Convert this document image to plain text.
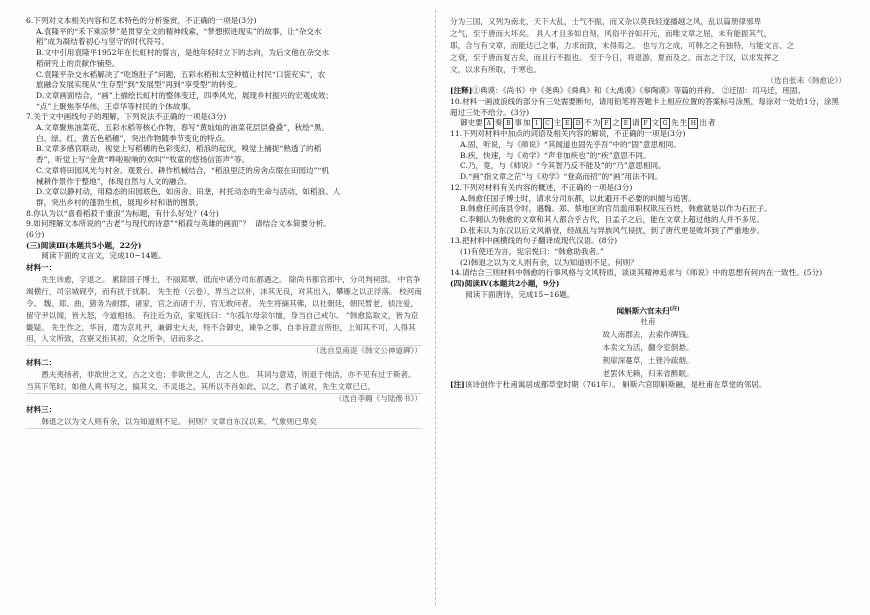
6.下列对文本相关内容和艺术特色的分析鉴赏，不正确的一项是(3分)

A.袁隆平的“禾下乘凉梦”是贯穿全文的精神线索，“梦想照进现实”的故事，让“杂交水
稻”成为凝结着初心与坚守的时代符号。

B.文中引用袁隆平1952年在长虹村的誓言，是他年轻时立下的志向，为后文他在杂交水
稻研究上的贡献作铺垫。

C.袁隆平杂交水稻解决了“吃饱肚子”问题，五彩水稻和太空种植让村民“口袋充实”，农
旅融合发展实现从“生存型”到“发展型”再到“享受型”的转变。

D.文章画面结合，“画”上描绘长虹村的整体变迁，四季风光，展现乡村振兴的宏观成效；
“点”上聚焦李华伟、王卓华等村民的个体故事。

7.关于文中画线句子的理解，下列说法不正确的一项是(3分)

A.文章聚焦油菜花、五彩水稻等核心作物，春写“黄灿灿的油菜花层层叠叠”，秋绘“黑、
白、绿、红、黄五色稻穗”，突出作物随季节变化的特点。

B.文章多感官联动，视觉上写稻穗的色彩变幻，稻浪的起伏，嗅觉上捕捉“熟透了的稻
香”，听觉上写“金黄“哗啦啦响的欢叫”“牧童的悠扬信笛声”等。

C.文章将田园风光与村舍、观景台、耕作机械结合，“稻浪里泛的房舍点缀在田园边”“机
械耕作景作于整地”，体现自然与人文的融合。

D.文章以静衬动，用稳态的田园底色，如房舍、田垄，衬托动态的生命与活动，如稻浪、人
群，突出乡村的蓬勃生机，展现乡村和谐的图景。

8.你认为以“喜看稻菽千重浪”为标题，有什么好处？(4分)

9.如何理解文本所说的“古老”与现代的诗意”“稻菽与英雄的画面”？ 请结合文本简要分析。
(6分)

(三)阅读Ⅲ(本题共5小题，22分)

阅读下面的文言文，完成10~14题。

材料一：

先生讳愈，字退之。 累除国子博士，不丽郑覃，低而中诸分司东都遇之。 除尚书都官郎中，分司判祠部。 中官争竭横行，司宗城砚亨，而有扰于扰职。 先生抢（云卷），界当之以朴，沫其无良，对其出入，攀雁之以正浮落。 校河南令。 魏、郑、曲，猪务为耐郡，诸家，官之而诸千万，官无敢问者。 先生将摘其佛，以社朝廷，朝民暂老，侦注爱，留守尹以闻，皆大怒，今道相扬。 有注近为京，家冤抚曰：“尔孤尔母亲尔恤，身当自己戒尔。 ”韩愈监取文，皆为京畿疑。 先生作之，华旨，遣为京兆尹，兼御史大夫，特不合御史，谏争之事，自非旨意言所拒，上知其不可，人得其用，人文所致，宫寮又拒其初，众之所争，诏而多之。

（选自皇甫湜《韩文公神道碑》）

材料二：

愚夫夷扬者，非欲世之文，古之文也；非欲世之人，古之人也。 其词与意适，则退于纯洁，亦不见有过于斯者。 当其下笔时，如他人爽书写之，搞其文，不灵退之，其所以不肖如此，以之，君子诚对，先生文章已已，

（选自李翱《与陆傪书》）

材料三：

韩退之以为文人则有余，以为知道则不足。 何则？文章自东汉以来，气象则已卑矣

分为三国，又列为南北，天下大乱，士气不振，而又杂以莫我轻遂播越之风，乱以篇册律邪卑

之气，至于唐而大坏矣。 具人才且多如自刻，风俗平谷如开元，而唯文章之屈，未有能振其气，

耶，合与有文章，而能达己之事，力求而致，未得焉之。 也与力之成，可韩之之有独特，与能文言、之

之衰，至于唐而复古矣，而且行不振也。 至于今日，将退游，夏而及之，而志之于汉，以求发挥之

文，以求有所取，于寒也。

（选自张耒《韩愈论》）

[注释]①典谟：《尚书》中《尧典》《舜典》和《大禹谟》《皋陶谟》等篇的并称。 ②迁固：司马迁，班固。

10.材料一画波浪线的部分有三处需要断句，请用铅笔将答题卡上相应位置的答案标号涂黑，每涂对一处给1分，涂黑超过三处不给分。(3分)

御史要 A 奏 B 事 加 I	C 主 E	D 不 为 F 之 E 请 F 文 G 先 生 H 出 者

11.下列对材料中加点的词语及相关内容的解说，不正确的一项是(3分)

A.固，听说，与《师说》“其闻道也固先乎吾”中的“固”意思相同。

B.疾，快速，与《劝学》“声非加疾也”的“疾”意思不同。

C.乃，竟，与《师说》“今其智乃反不能及”的“乃”意思相同。

D.“画”指文章之茫”与《劝学》“登高而招”的“画”用法不同。

12.下列对材料有关内容的概述，不正确的一项是(3分)

A.韩愈任国子博士时，请求分司东都，以此避开不必要的纠缠与追害。

B.韩愈任河南县令时，遇魏、郑、蔡地区的官员滥用职权欺压百姓，韩愈就是以作为石匠子。

C.李翱认为韩愈的文章和其人都合乎古代，目孟子之后，能在文章上超过他的人并不多见。

D.张耒认为东汉以后文风渐衰，经战乱与异族风气侵扰，到了唐代更是败坏到了严重地步。

13.把材料中画横线的句子翻译成现代汉语。(8分)

(1)有使还为言，宪宗悦曰：“韩愈助我者。”

(2)韩退之以为文人则有余，以为知道则不足。何则？

14.请结合三则材料中韩愈的行事风格与文风特质，谈谈其精神追求与《师说》中的思想有何内在一致性。(5分)

(四)阅读Ⅳ(本题共2小题，9分)

阅读下面唐诗，完成15~16题。

闻斛斯六官未归[注]

杜甫

故人南郡去，去索作碑钱。

本卖文为活，翻令室倒悬。

荆扉深蔓草，土锉冷疏烟。

老罢休无赖，归来省醉眠。

[注]该诗创作于杜甫寓居成都草堂时期（761年）。 斛斯六官即斛斯融，是杜甫在草堂的邻居。
